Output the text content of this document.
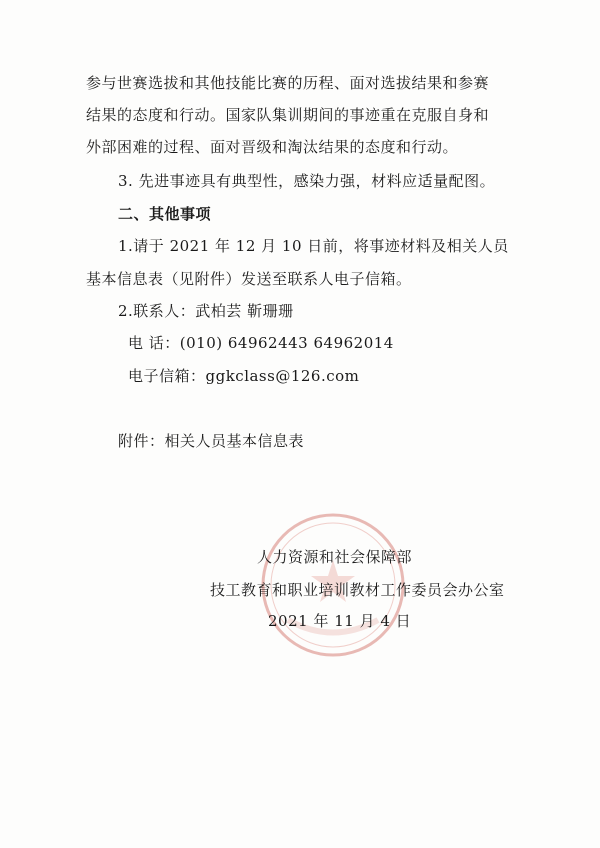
参与世赛选拔和其他技能比赛的历程、面对选拔结果和参赛
结果的态度和行动。国家队集训期间的事迹重在克服自身和
外部困难的过程、面对晋级和淘汰结果的态度和行动。
3. 先进事迹具有典型性，感染力强，材料应适量配图。
二、其他事项
1.请于 2021 年 12 月 10 日前，将事迹材料及相关人员
基本信息表（见附件）发送至联系人电子信箱。
2.联系人：武柏芸 靳珊珊
电 话：(010) 64962443 64962014
电子信箱：ggkclass@126.com
附件：相关人员基本信息表
人力资源和社会保障部
技工教育和职业培训教材工作委员会办公室
2021 年 11 月 4 日
